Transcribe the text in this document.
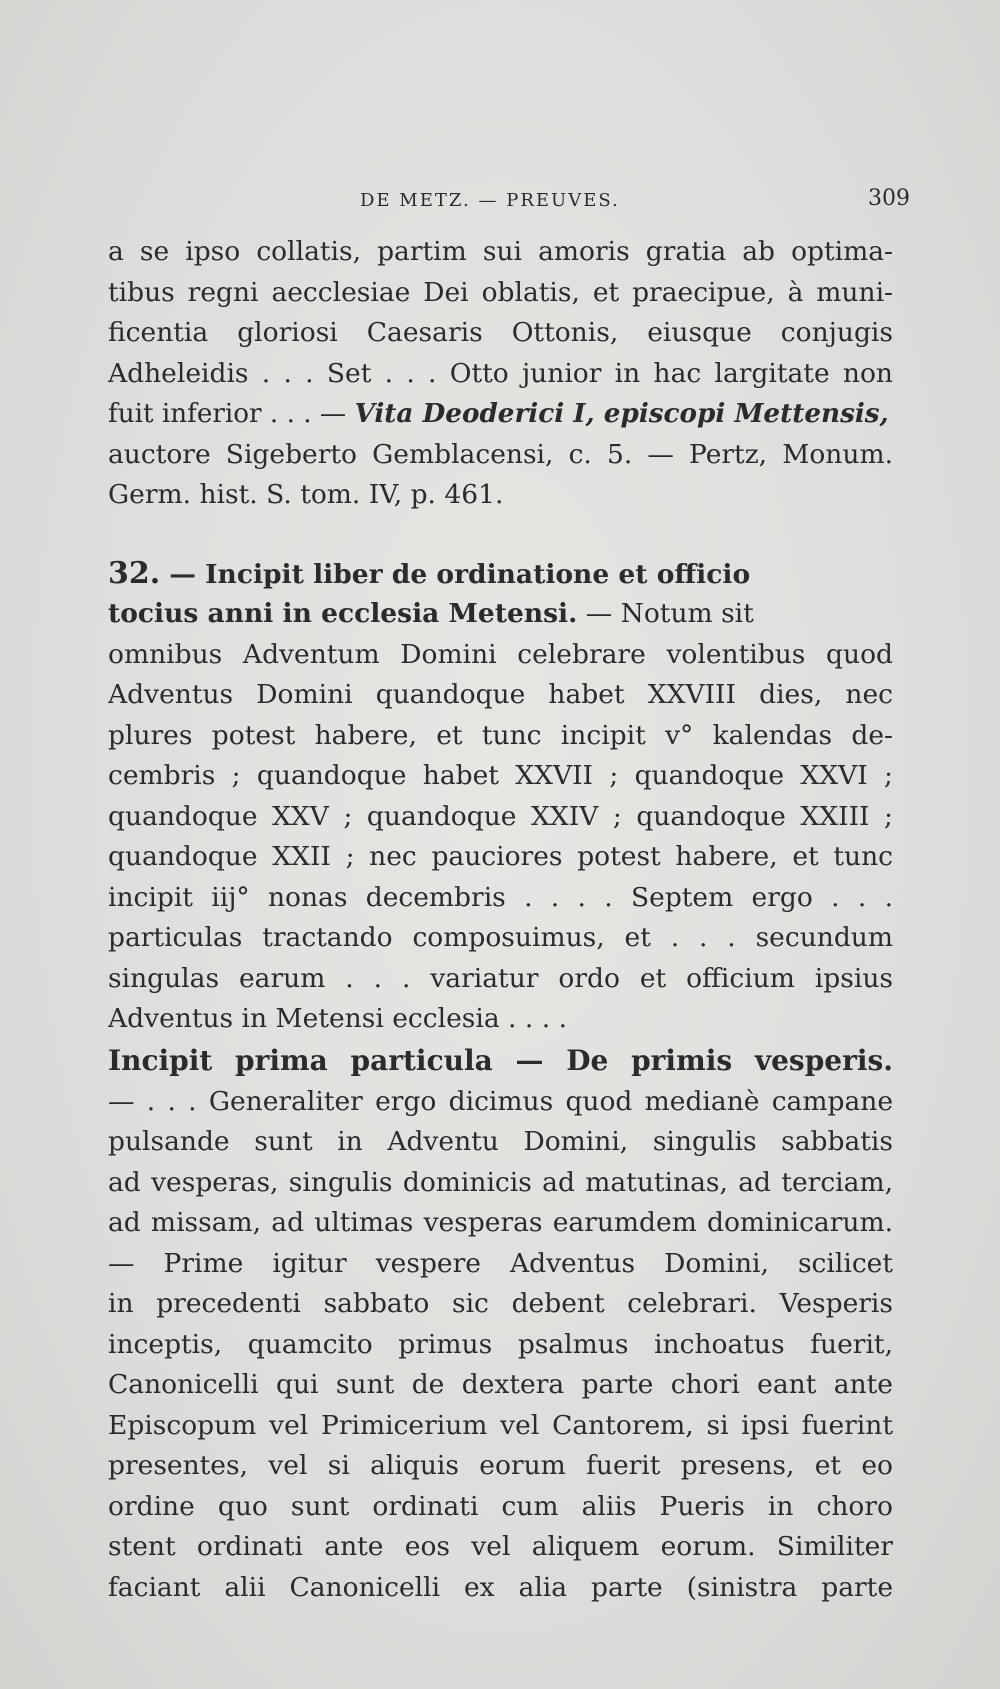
DE METZ. — PREUVES.	309
a se ipso collatis, partim sui amoris gratia ab optima-
tibus regni aecclesiae Dei oblatis, et praecipue, à muni-
ficentia gloriosi Caesaris Ottonis, eiusque conjugis
Adheleidis . . . Set . . . Otto junior in hac largitate non
fuit inferior . . . — Vita Deoderici I, episcopi Mettensis,
auctore Sigeberto Gemblacensi, c. 5. — Pertz, Monum.
Germ. hist. S. tom. IV, p. 461.
32. — Incipit liber de ordinatione et officio
tocius anni in ecclesia Metensi. — Notum sit
omnibus Adventum Domini celebrare volentibus quod
Adventus Domini quandoque habet XXVIII dies, nec
plures potest habere, et tunc incipit v° kalendas de-
cembris ; quandoque habet XXVII ; quandoque XXVI ;
quandoque XXV ; quandoque XXIV ; quandoque XXIII ;
quandoque XXII ; nec pauciores potest habere, et tunc
incipit iij° nonas decembris . . . . Septem ergo . . .
particulas tractando composuimus, et . . . secundum
singulas earum . . . variatur ordo et officium ipsius
Adventus in Metensi ecclesia . . . .
Incipit prima particula — De primis vesperis.
— . . . Generaliter ergo dicimus quod medianè campane
pulsande sunt in Adventu Domini, singulis sabbatis
ad vesperas, singulis dominicis ad matutinas, ad terciam,
ad missam, ad ultimas vesperas earumdem dominicarum.
— Prime igitur vespere Adventus Domini, scilicet
in precedenti sabbato sic debent celebrari. Vesperis
inceptis, quamcito primus psalmus inchoatus fuerit,
Canonicelli qui sunt de dextera parte chori eant ante
Episcopum vel Primicerium vel Cantorem, si ipsi fuerint
presentes, vel si aliquis eorum fuerit presens, et eo
ordine quo sunt ordinati cum aliis Pueris in choro
stent ordinati ante eos vel aliquem eorum. Similiter
faciant alii Canonicelli ex alia parte (sinistra parte
